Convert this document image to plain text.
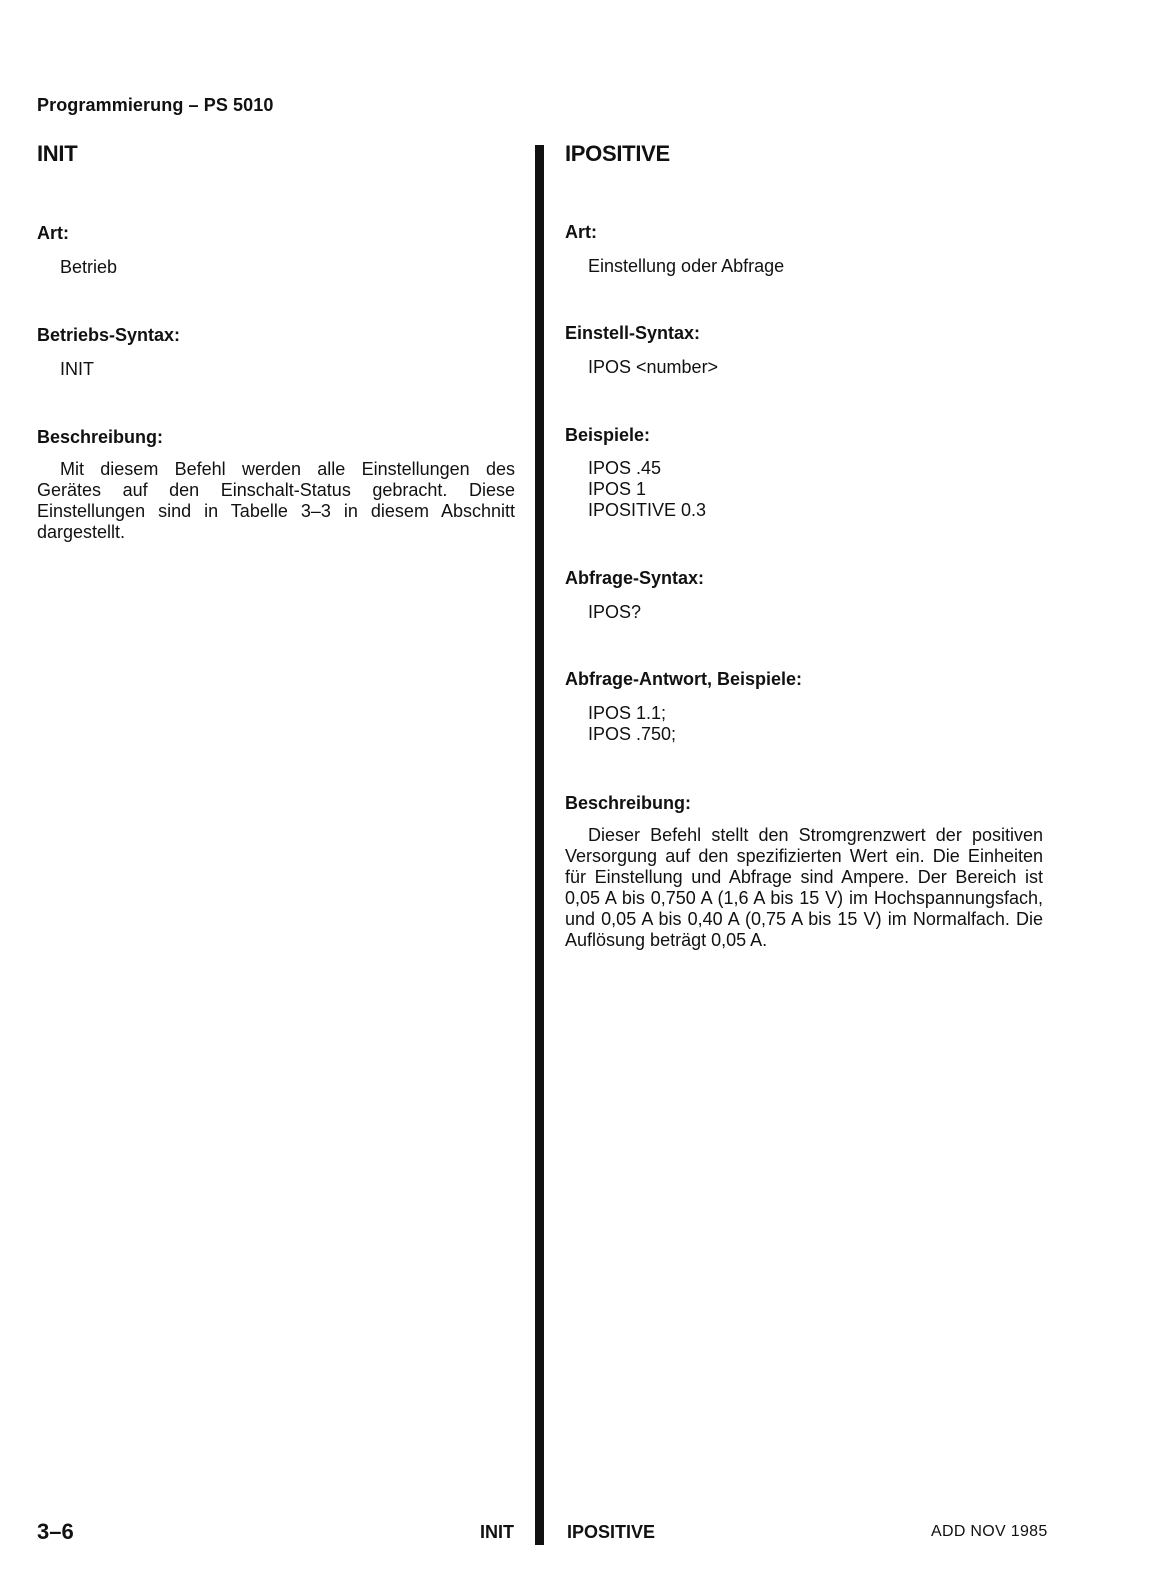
Programmierung – PS 5010
INIT
Art:
Betrieb
Betriebs-Syntax:
INIT
Beschreibung:
Mit diesem Befehl werden alle Einstellungen des Gerätes auf den Einschalt-Status gebracht. Diese Einstellungen sind in Tabelle 3–3 in diesem Abschnitt dargestellt.
IPOSITIVE
Art:
Einstellung oder Abfrage
Einstell-Syntax:
IPOS <number>
Beispiele:
IPOS .45
IPOS 1
IPOSITIVE 0.3
Abfrage-Syntax:
IPOS?
Abfrage-Antwort, Beispiele:
IPOS 1.1;
IPOS .750;
Beschreibung:
Dieser Befehl stellt den Stromgrenzwert der positiven Versorgung auf den spezifizierten Wert ein. Die Einheiten für Einstellung und Abfrage sind Ampere. Der Bereich ist 0,05 A bis 0,750 A (1,6 A bis 15 V) im Hochspannungsfach, und 0,05 A bis 0,40 A (0,75 A bis 15 V) im Normalfach. Die Auflösung beträgt 0,05 A.
3–6	INIT	IPOSITIVE	ADD NOV 1985
